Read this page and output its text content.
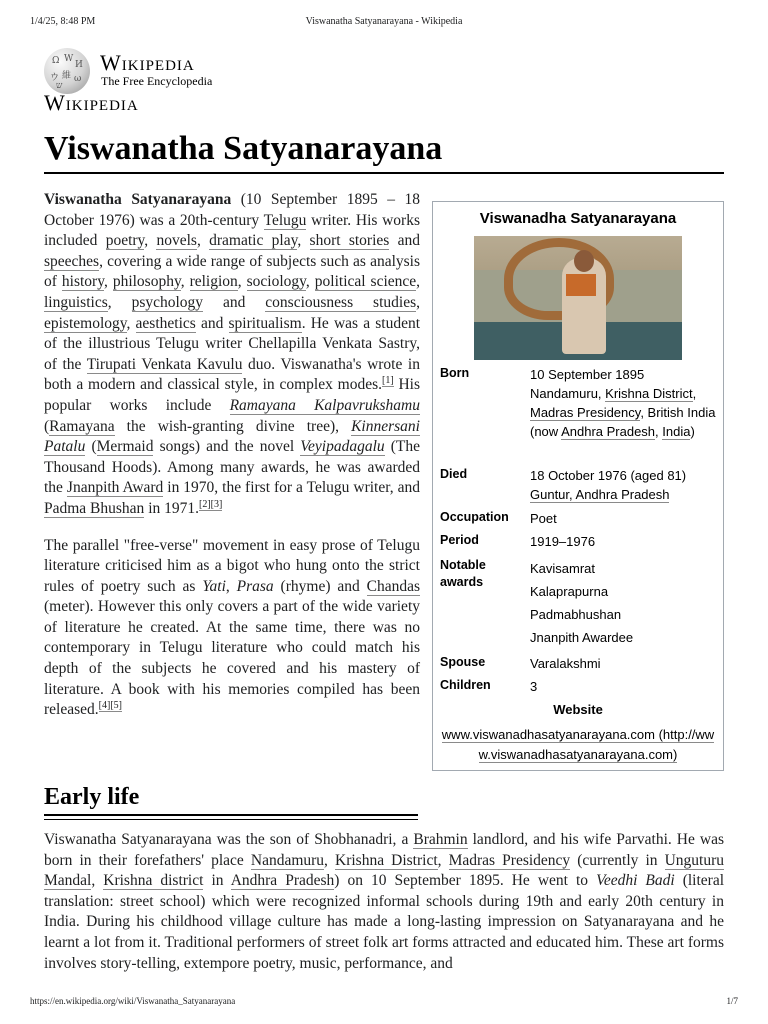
1/4/25, 8:48 PM	Viswanatha Satyanarayana - Wikipedia
Ω W
И
ウ 維 ω
ש
Wikipedia
The Free Encyclopedia
Wikipedia
Viswanatha Satyanarayana

Viswanatha Satyanarayana (10 September 1895 – 18 October 1976) was a 20th-century Telugu writer. His works included poetry, novels, dramatic play, short stories and speeches, covering a wide range of subjects such as analysis of history, philosophy, religion, sociology, political science, linguistics, psychology and consciousness studies, epistemology, aesthetics and spiritualism. He was a student of the illustrious Telugu writer Chellapilla Venkata Sastry, of the Tirupati Venkata Kavulu duo. Viswanatha's wrote in both a modern and classical style, in complex modes.[1] His popular works include Ramayana Kalpavrukshamu (Ramayana the wish-granting divine tree), Kinnersani Patalu (Mermaid songs) and the novel Veyipadagalu (The Thousand Hoods). Among many awards, he was awarded the Jnanpith Award in 1970, the first for a Telugu writer, and Padma Bhushan in 1971.[2][3]

The parallel "free-verse" movement in easy prose of Telugu literature criticised him as a bigot who hung onto the strict rules of poetry such as Yati, Prasa (rhyme) and Chandas (meter). However this only covers a part of the wide variety of literature he created. At the same time, there was no contemporary in Telugu literature who could match his depth of the subjects he covered and his mastery of literature. A book with his memories compiled has been released.[4][5]

Viswanadha Satyanarayana
Born	10 September 1895
Nandamuru, Krishna District, Madras Presidency, British India (now Andhra Pradesh, India)
Died	18 October 1976 (aged 81)
Guntur, Andhra Pradesh
Occupation	Poet
Period	1919–1976
Notable awards
Kavisamrat
Kalaprapurna
Padmabhushan
Jnanpith Awardee
Spouse	Varalakshmi
Children	3
Website
www.viswanadhasatyanarayana.com (http://www.viswanadhasatyanarayana.com)
Early life

Viswanatha Satyanarayana was the son of Shobhanadri, a Brahmin landlord, and his wife Parvathi. He was born in their forefathers' place Nandamuru, Krishna District, Madras Presidency (currently in Unguturu Mandal, Krishna district in Andhra Pradesh) on 10 September 1895. He went to Veedhi Badi (literal translation: street school) which were recognized informal schools during 19th and early 20th century in India. During his childhood village culture has made a long-lasting impression on Satyanarayana and he learnt a lot from it. Traditional performers of street folk art forms attracted and educated him. These art forms involves story-telling, extempore poetry, music, performance, and

https://en.wikipedia.org/wiki/Viswanatha_Satyanarayana	1/7
